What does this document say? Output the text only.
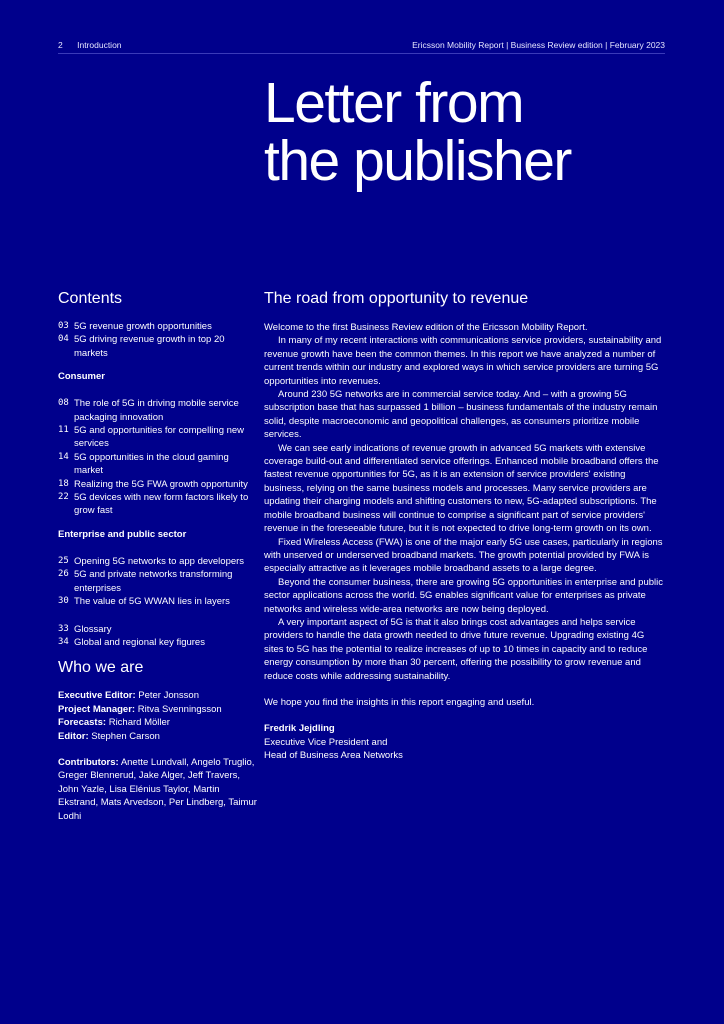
2 Introduction	Ericsson Mobility Report | Business Review edition | February 2023
Letter from
the publisher
Contents
03 5G revenue growth opportunities
04 5G driving revenue growth in top 20 markets
Consumer
08 The role of 5G in driving mobile service packaging innovation
11 5G and opportunities for compelling new services
14 5G opportunities in the cloud gaming market
18 Realizing the 5G FWA growth opportunity
22 5G devices with new form factors likely to grow fast
Enterprise and public sector
25 Opening 5G networks to app developers
26 5G and private networks transforming enterprises
30 The value of 5G WWAN lies in layers
33 Glossary
34 Global and regional key figures
Who we are
Executive Editor: Peter Jonsson
Project Manager: Ritva Svenningsson
Forecasts: Richard Möller
Editor: Stephen Carson
Contributors: Anette Lundvall, Angelo Truglio, Greger Blennerud, Jake Alger, Jeff Travers, John Yazle, Lisa Elénius Taylor, Martin Ekstrand, Mats Arvedson, Per Lindberg, Taimur Lodhi
The road from opportunity to revenue

Welcome to the first Business Review edition of the Ericsson Mobility Report.

In many of my recent interactions with communications service providers, sustainability and revenue growth have been the common themes. In this report we have analyzed a number of current trends within our industry and explored ways in which service providers are turning 5G opportunities into revenues.

Around 230 5G networks are in commercial service today. And – with a growing 5G subscription base that has surpassed 1 billion – business fundamentals of the industry remain solid, despite macroeconomic and geopolitical challenges, as consumers prioritize mobile services.

We can see early indications of revenue growth in advanced 5G markets with extensive coverage build-out and differentiated service offerings. Enhanced mobile broadband offers the fastest revenue opportunities for 5G, as it is an extension of service providers' existing business, relying on the same business models and processes. Many service providers are updating their charging models and shifting customers to new, 5G-adapted subscriptions. The mobile broadband business will continue to comprise a significant part of service providers' revenue in the foreseeable future, but it is not expected to drive long-term growth on its own.

Fixed Wireless Access (FWA) is one of the major early 5G use cases, particularly in regions with unserved or underserved broadband markets. The growth potential provided by FWA is especially attractive as it leverages mobile broadband assets to a large degree.

Beyond the consumer business, there are growing 5G opportunities in enterprise and public sector applications across the world. 5G enables significant value for enterprises as private networks and wireless wide-area networks are now being deployed.

A very important aspect of 5G is that it also brings cost advantages and helps service providers to handle the data growth needed to drive future revenue. Upgrading existing 4G sites to 5G has the potential to realize increases of up to 10 times in capacity and to reduce energy consumption by more than 30 percent, offering the possibility to grow revenue and reduce costs while addressing sustainability.

We hope you find the insights in this report engaging and useful.
Fredrik Jejdling
Executive Vice President and
Head of Business Area Networks
